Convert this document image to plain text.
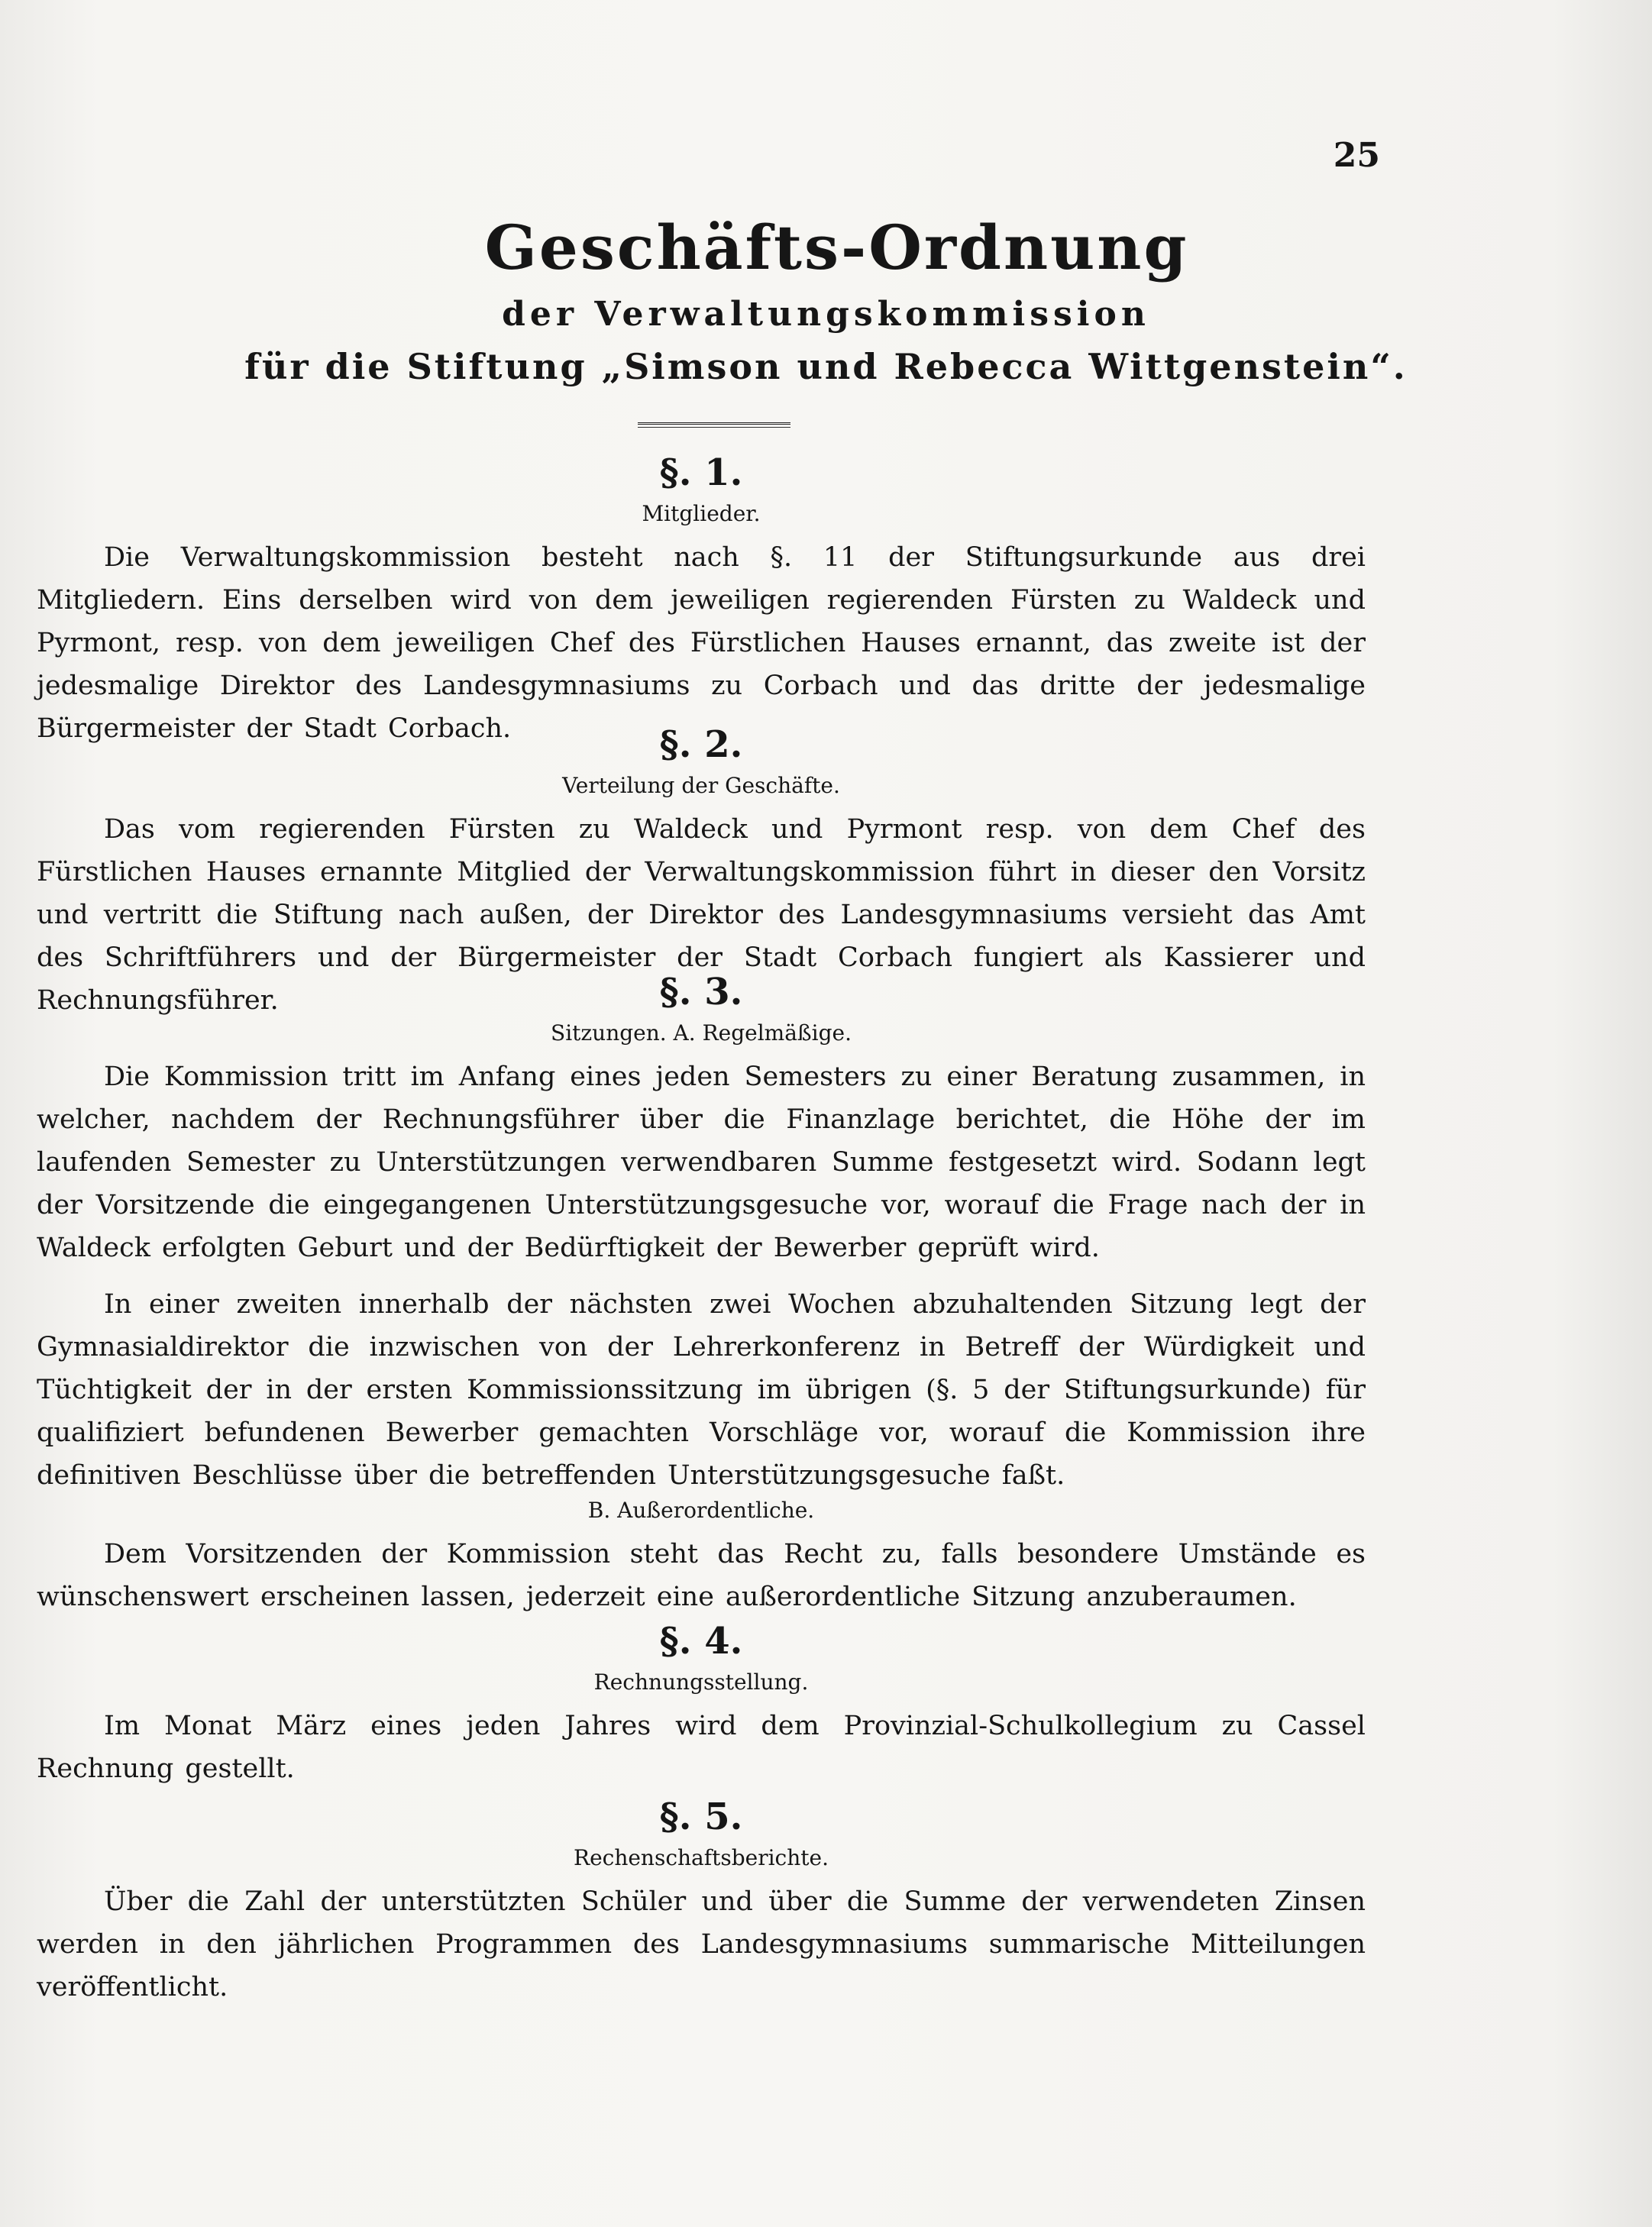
25
Geschäfts-Ordnung
der Verwaltungskommission
für die Stiftung „Simson und Rebecca Wittgenstein“.
§. 1.
Mitglieder.

Die Verwaltungskommission besteht nach §. 11 der Stiftungsurkunde aus drei Mitgliedern. Eins derselben wird von dem jeweiligen regierenden Fürsten zu Waldeck und Pyrmont, resp. von dem jeweiligen Chef des Fürstlichen Hauses ernannt, das zweite ist der jedesmalige Direktor des Landesgymnasiums zu Corbach und das dritte der jedesmalige Bürgermeister der Stadt Corbach.	§. 2.
Verteilung der Geschäfte.

Das vom regierenden Fürsten zu Waldeck und Pyrmont resp. von dem Chef des Fürstlichen Hauses ernannte Mitglied der Verwaltungskommission führt in dieser den Vorsitz und vertritt die Stiftung nach außen, der Direktor des Landesgymnasiums versieht das Amt des Schriftführers und der Bürgermeister der Stadt Corbach fungiert als Kassierer und Rechnungsführer.	§. 3.
Sitzungen. A. Regelmäßige.

Die Kommission tritt im Anfang eines jeden Semesters zu einer Beratung zusammen, in welcher, nachdem der Rechnungsführer über die Finanzlage berichtet, die Höhe der im laufenden Semester zu Unterstützungen verwendbaren Summe festgesetzt wird. Sodann legt der Vorsitzende die eingegangenen Unterstützungsgesuche vor, worauf die Frage nach der in Waldeck erfolgten Geburt und der Bedürftigkeit der Bewerber geprüft wird.

In einer zweiten innerhalb der nächsten zwei Wochen abzuhaltenden Sitzung legt der Gymnasialdirektor die inzwischen von der Lehrerkonferenz in Betreff der Würdigkeit und Tüchtigkeit der in der ersten Kommissionssitzung im übrigen (§. 5 der Stiftungsurkunde) für qualifiziert befundenen Bewerber gemachten Vorschläge vor, worauf die Kommission ihre definitiven Beschlüsse über die betreffenden Unterstützungsgesuche faßt.

B. Außerordentliche.

Dem Vorsitzenden der Kommission steht das Recht zu, falls besondere Umstände es wünschenswert erscheinen lassen, jederzeit eine außerordentliche Sitzung anzuberaumen.

§. 4.
Rechnungsstellung.

Im Monat März eines jeden Jahres wird dem Provinzial-Schulkollegium zu Cassel Rechnung gestellt.

§. 5.
Rechenschaftsberichte.

Über die Zahl der unterstützten Schüler und über die Summe der verwendeten Zinsen werden in den jährlichen Programmen des Landesgymnasiums summarische Mitteilungen veröffentlicht.
